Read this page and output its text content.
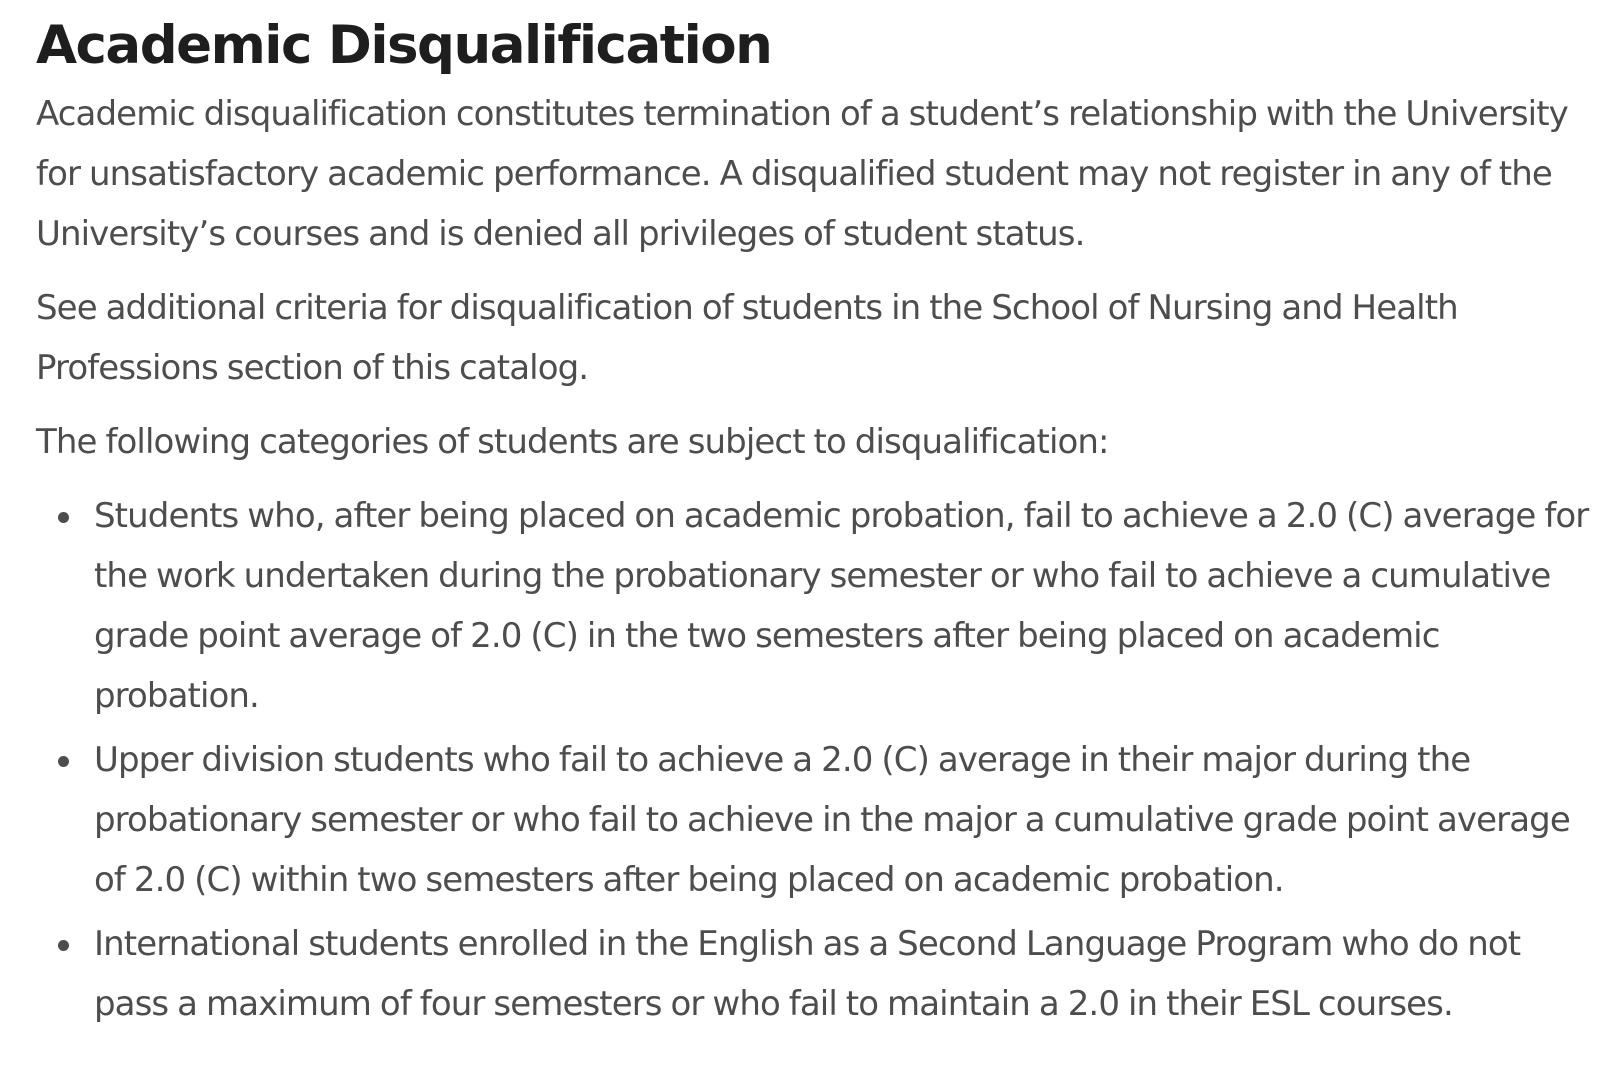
Academic Disqualification

Academic disqualification constitutes termination of a student’s relationship with the University for unsatisfactory academic performance. A disqualified student may not register in any of the University’s courses and is denied all privileges of student status.

See additional criteria for disqualification of students in the School of Nursing and Health Professions section of this catalog.

The following categories of students are subject to disqualification:

Students who, after being placed on academic probation, fail to achieve a 2.0 (C) average for the work undertaken during the probationary semester or who fail to achieve a cumulative grade point average of 2.0 (C) in the two semesters after being placed on academic probation.
Upper division students who fail to achieve a 2.0 (C) average in their major during the probationary semester or who fail to achieve in the major a cumulative grade point average of 2.0 (C) within two semesters after being placed on academic probation.
International students enrolled in the English as a Second Language Program who do not pass a maximum of four semesters or who fail to maintain a 2.0 in their ESL courses.
